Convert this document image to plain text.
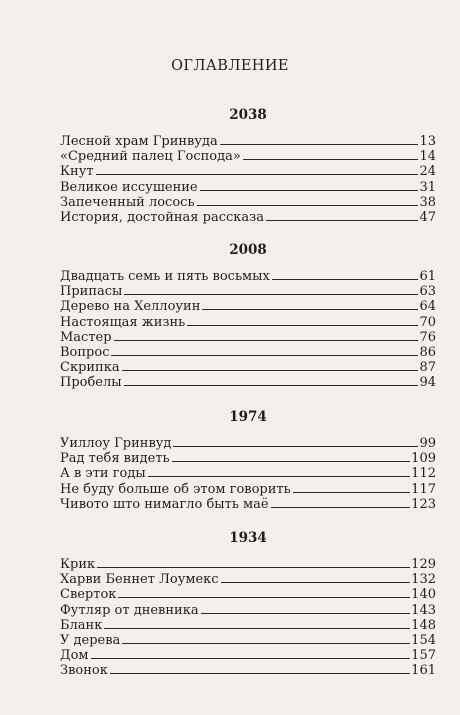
ОГЛАВЛЕНИЕ
2038
Лесной храм Гринвуда	13
«Средний палец Господа»	14
Кнут	24
Великое иссушение	31
Запеченный лосось	38
История, достойная рассказа	47
2008
Двадцать семь и пять восьмых	61
Припасы	63
Дерево на Хеллоуин	64
Настоящая жизнь	70
Мастер	76
Вопрос	86
Скрипка	87
Пробелы	94
1974
Уиллоу Гринвуд	99
Рад тебя видеть	109
А в эти годы	112
Не буду больше об этом говорить	117
Чивото што нимагло быть маё	123
1934
Крик	129
Харви Беннет Лоумекс	132
Сверток	140
Футляр от дневника	143
Бланк	148
У дерева	154
Дом	157
Звонок	161
